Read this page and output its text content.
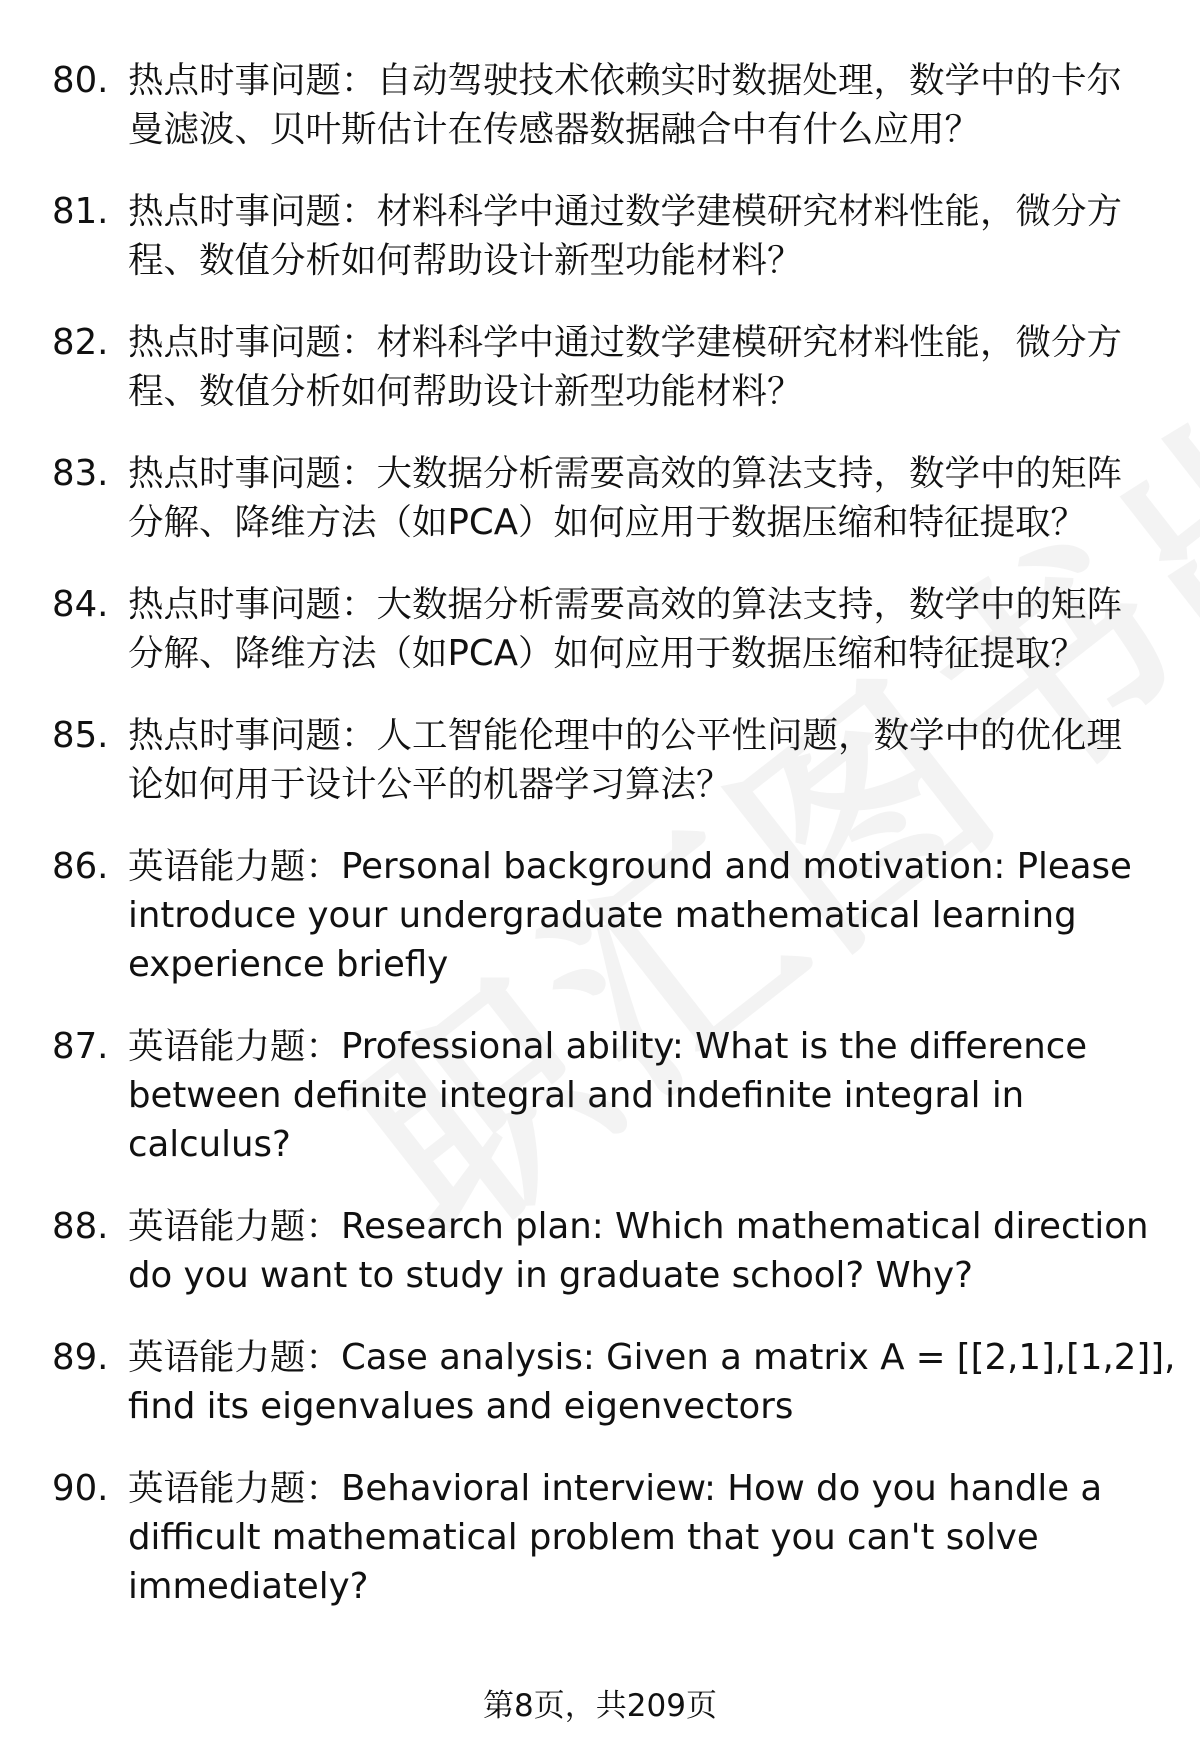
80. 热点时事问题：自动驾驶技术依赖实时数据处理，数学中的卡尔
曼滤波、贝叶斯估计在传感器数据融合中有什么应用？
81. 热点时事问题：材料科学中通过数学建模研究材料性能，微分方
程、数值分析如何帮助设计新型功能材料？
82. 热点时事问题：材料科学中通过数学建模研究材料性能，微分方
程、数值分析如何帮助设计新型功能材料？
83. 热点时事问题：大数据分析需要高效的算法支持，数学中的矩阵
分解、降维方法（如PCA）如何应用于数据压缩和特征提取？
84. 热点时事问题：大数据分析需要高效的算法支持，数学中的矩阵
分解、降维方法（如PCA）如何应用于数据压缩和特征提取？
85. 热点时事问题：人工智能伦理中的公平性问题，数学中的优化理
论如何用于设计公平的机器学习算法？
86. 英语能力题：Personal background and motivation: Please
introduce your undergraduate mathematical learning
experience briefly
87. 英语能力题：Professional ability: What is the difference
between definite integral and indefinite integral in
calculus?
88. 英语能力题：Research plan: Which mathematical direction
do you want to study in graduate school? Why?
89. 英语能力题：Case analysis: Given a matrix A = [[2,1],[1,2]],
find its eigenvalues and eigenvectors
90. 英语能力题：Behavioral interview: How do you handle a
difficult mathematical problem that you can't solve
immediately?
第8页，共209页
